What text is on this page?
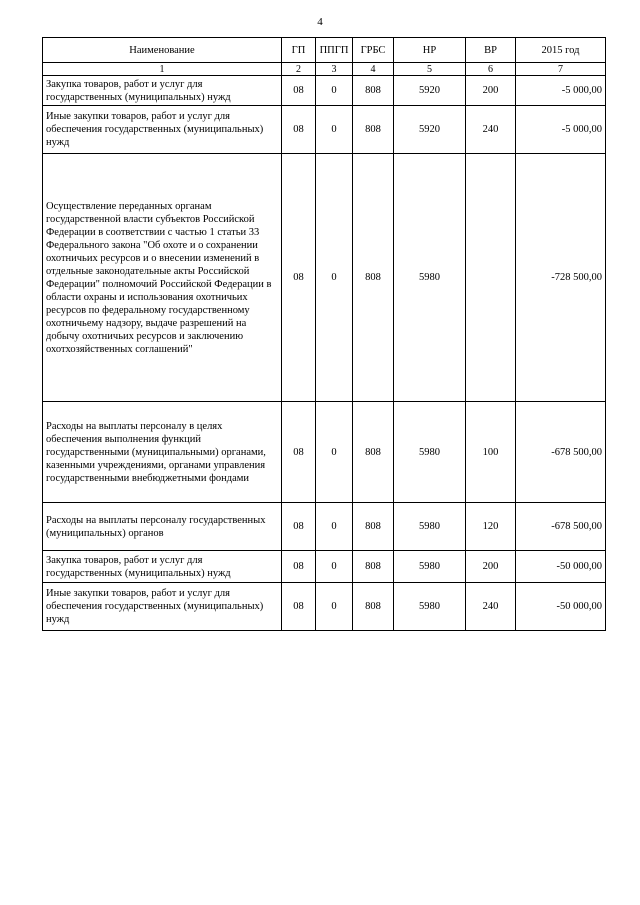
4
Наименование	ГП	ППГП	ГРБС	НР	ВР	2015 год
1	2	3	4	5	6	7
Закупка товаров, работ и услуг для государственных (муниципальных) нужд	08	0	808	5920	200	-5 000,00
Иные закупки товаров, работ и услуг для обеспечения государственных (муниципальных) нужд	08	0	808	5920	240	-5 000,00
Осуществление переданных органам государственной власти субъектов Российской Федерации в соответствии с частью 1 статьи 33 Федерального закона "Об охоте и о сохранении охотничьих ресурсов и о внесении изменений в отдельные законодательные акты Российской Федерации" полномочий Российской Федерации в области охраны и использования охотничьих ресурсов по федеральному государственному охотничьему надзору, выдаче разрешений на добычу охотничьих ресурсов и заключению охотхозяйственных соглашений"	08	0	808	5980		-728 500,00
Расходы на выплаты персоналу в целях обеспечения выполнения функций государственными (муниципальными) органами, казенными учреждениями, органами управления государственными внебюджетными фондами	08	0	808	5980	100	-678 500,00
Расходы на выплаты персоналу государственных (муниципальных) органов	08	0	808	5980	120	-678 500,00
Закупка товаров, работ и услуг для государственных (муниципальных) нужд	08	0	808	5980	200	-50 000,00
Иные закупки товаров, работ и услуг для обеспечения государственных (муниципальных) нужд	08	0	808	5980	240	-50 000,00
